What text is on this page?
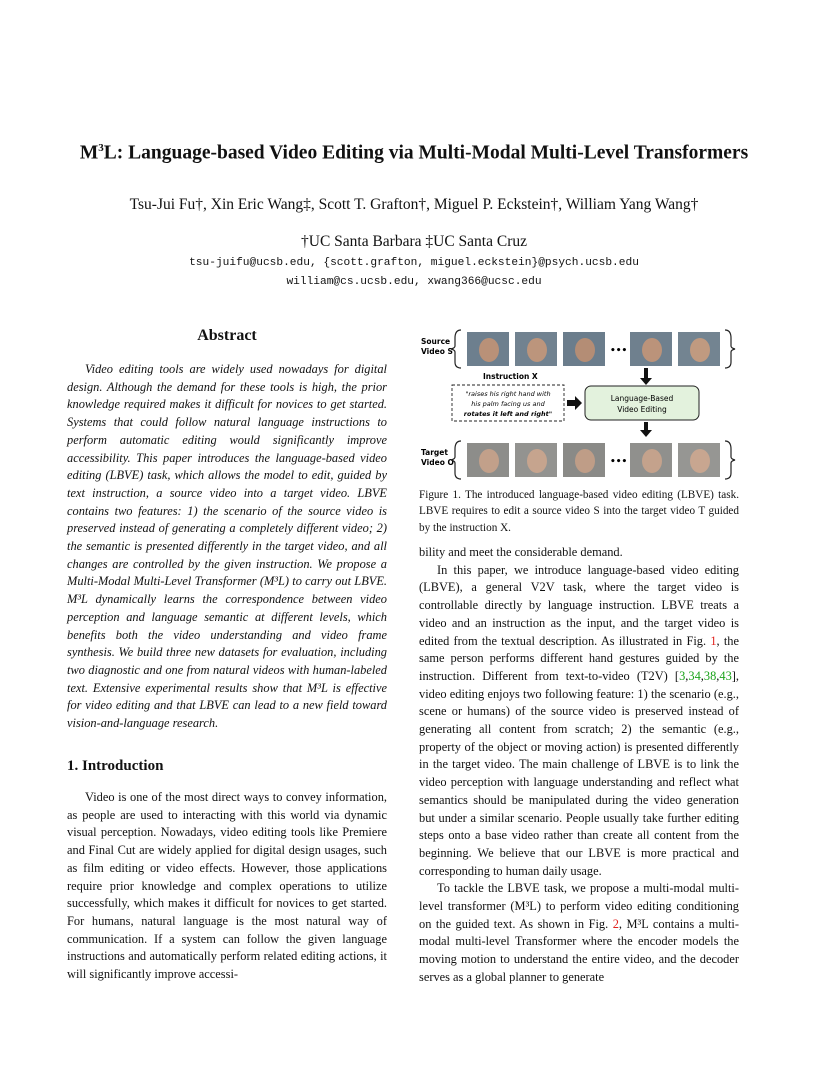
$M^3L$: Language-based Video Editing via Multi-Modal Multi-Level Transformers
Tsu-Jui Fu†, Xin Eric Wang‡, Scott T. Grafton†, Miguel P. Eckstein†, William Yang Wang†
†UC Santa Barbara ‡UC Santa Cruz
tsu-juifu@ucsb.edu, {scott.grafton, miguel.eckstein}@psych.ucsb.edu
william@cs.ucsb.edu, xwang366@ucsc.edu
Abstract
Video editing tools are widely used nowadays for digital design. Although the demand for these tools is high, the prior knowledge required makes it difficult for novices to get started. Systems that could follow natural language instructions to perform automatic editing would significantly improve accessibility. This paper introduces the language-based video editing (LBVE) task, which allows the model to edit, guided by text instruction, a source video into a target video. LBVE contains two features: 1) the scenario of the source video is preserved instead of generating a completely different video; 2) the semantic is presented differently in the target video, and all changes are controlled by the given instruction. We propose a Multi-Modal Multi-Level Transformer (M³L) to carry out LBVE. M³L dynamically learns the correspondence between video perception and language semantic at different levels, which benefits both the video understanding and video frame synthesis. We build three new datasets for evaluation, including two diagnostic and one from natural videos with human-labeled text. Extensive experimental results show that M³L is effective for video editing and that LBVE can lead to a new field toward vision-and-language research.
1. Introduction
Video is one of the most direct ways to convey information, as people are used to interacting with this world via dynamic visual perception. Nowadays, video editing tools like Premiere and Final Cut are widely applied for digital design usages, such as film editing or video effects. However, those applications require prior knowledge and complex operations to utilize successfully, which makes it difficult for novices to get started. For humans, natural language is the most natural way of communication. If a system can follow the given language instructions and automatically perform related editing actions, it will significantly improve accessi-
Source
Video S	•••
Instruction X
"raises his right hand with
his palm facing us and
rotates it left and right"
Language-Based
Video Editing
Target
Video O	•••
Figure 1. The introduced language-based video editing (LBVE) task. LBVE requires to edit a source video S into the target video T guided by the instruction X.

bility and meet the considerable demand.

In this paper, we introduce language-based video editing (LBVE), a general V2V task, where the target video is controllable directly by language instruction. LBVE treats a video and an instruction as the input, and the target video is edited from the textual description. As illustrated in Fig. 1, the same person performs different hand gestures guided by the instruction. Different from text-to-video (T2V) [3,34,38,43], video editing enjoys two following feature: 1) the scenario (e.g., scene or humans) of the source video is preserved instead of generating all content from scratch; 2) the semantic (e.g., property of the object or moving action) is presented differently in the target video. The main challenge of LBVE is to link the video perception with language understanding and reflect what semantics should be manipulated during the video generation but under a similar scenario. People usually take further editing steps onto a base video rather than create all content from the beginning. We believe that our LBVE is more practical and corresponding to human daily usage.

To tackle the LBVE task, we propose a multi-modal multi-level transformer (M³L) to perform video editing conditioning on the guided text. As shown in Fig. 2, M³L contains a multi-modal multi-level Transformer where the encoder models the moving motion to understand the entire video, and the decoder serves as a global planner to generate
